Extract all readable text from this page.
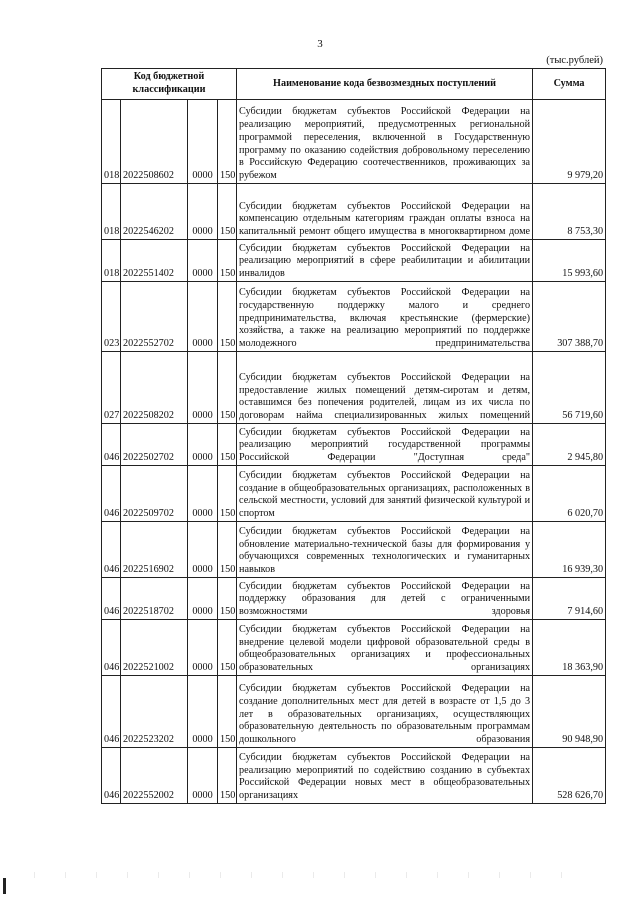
3
(тыс.рублей)
Код бюджетной классификации				Наименование кода безвозмездных поступлений	Сумма
018	2022508602	0000	150	Субсидии бюджетам субъектов Российской Федерации на реализацию мероприятий, предусмотренных региональной программой переселения, включенной в Государственную программу по оказанию содействия добровольному переселению в Российскую Федерацию соотечественников, проживающих за рубежом	9 979,20
018	2022546202	0000	150	Субсидии бюджетам субъектов Российской Федерации на компенсацию отдельным категориям граждан оплаты взноса на капитальный ремонт общего имущества в многоквартирном доме	8 753,30
018	2022551402	0000	150	Субсидии бюджетам субъектов Российской Федерации на реализацию мероприятий в сфере реабилитации и абилитации инвалидов	15 993,60
023	2022552702	0000	150	Субсидии бюджетам субъектов Российской Федерации на государственную поддержку малого и среднего предпринимательства, включая крестьянские (фермерские) хозяйства, а также на реализацию мероприятий по поддержке молодежного предпринимательства	307 388,70
027	2022508202	0000	150	Субсидии бюджетам субъектов Российской Федерации на предоставление жилых помещений детям-сиротам и детям, оставшимся без попечения родителей, лицам из их числа по договорам найма специализированных жилых помещений	56 719,60
046	2022502702	0000	150	Субсидии бюджетам субъектов Российской Федерации на реализацию мероприятий государственной программы Российской Федерации "Доступная среда"	2 945,80
046	2022509702	0000	150	Субсидии бюджетам субъектов Российской Федерации на создание в общеобразовательных организациях, расположенных в сельской местности, условий для занятий физической культурой и спортом	6 020,70
046	2022516902	0000	150	Субсидии бюджетам субъектов Российской Федерации на обновление материально-технической базы для формирования у обучающихся современных технологических и гуманитарных навыков	16 939,30
046	2022518702	0000	150	Субсидии бюджетам субъектов Российской Федерации на поддержку образования для детей с ограниченными возможностями здоровья	7 914,60
046	2022521002	0000	150	Субсидии бюджетам субъектов Российской Федерации на внедрение целевой модели цифровой образовательной среды в общеобразовательных организациях и профессиональных образовательных организациях	18 363,90
046	2022523202	0000	150	Субсидии бюджетам субъектов Российской Федерации на создание дополнительных мест для детей в возрасте от 1,5 до 3 лет в образовательных организациях, осуществляющих образовательную деятельность по образовательным программам дошкольного образования	90 948,90
046	2022552002	0000	150	Субсидии бюджетам субъектов Российской Федерации на реализацию мероприятий по содействию созданию в субъектах Российской Федерации новых мест в общеобразовательных организациях	528 626,70
